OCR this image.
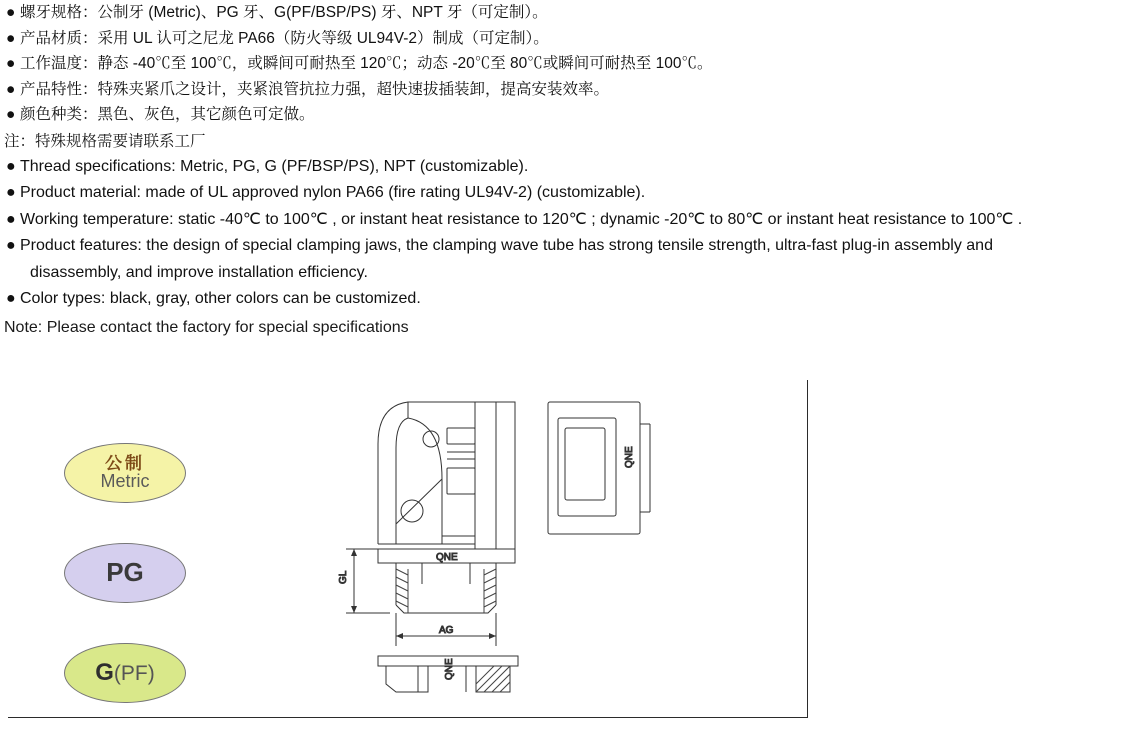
● 螺牙规格：公制牙 (Metric)、PG 牙、G(PF/BSP/PS) 牙、NPT 牙（可定制）。
● 产品材质：采用 UL 认可之尼龙 PA66（防火等级 UL94V-2）制成（可定制）。
● 工作温度：静态 -40℃至 100℃，或瞬间可耐热至 120℃；动态 -20℃至 80℃或瞬间可耐热至 100℃。
● 产品特性：特殊夹紧爪之设计，夹紧浪管抗拉力强，超快速拔插装卸，提高安装效率。
● 颜色种类：黑色、灰色，其它颜色可定做。
注：特殊规格需要请联系工厂
● Thread specifications: Metric, PG, G (PF/BSP/PS), NPT (customizable).
● Product material: made of UL approved nylon PA66 (fire rating UL94V-2) (customizable).
● Working temperature: static -40℃ to 100℃ , or instant heat resistance to 120℃ ; dynamic -20℃ to 80℃ or instant heat resistance to 100℃ .
● Product features: the design of special clamping jaws, the clamping wave tube has strong tensile strength, ultra-fast plug-in assembly and
disassembly, and improve installation efficiency.
● Color types: black, gray, other colors can be customized.
Note: Please contact the factory for special specifications
公制
Metric
PG
G(PF)
QNE
QNE
GL
AG
QNE
